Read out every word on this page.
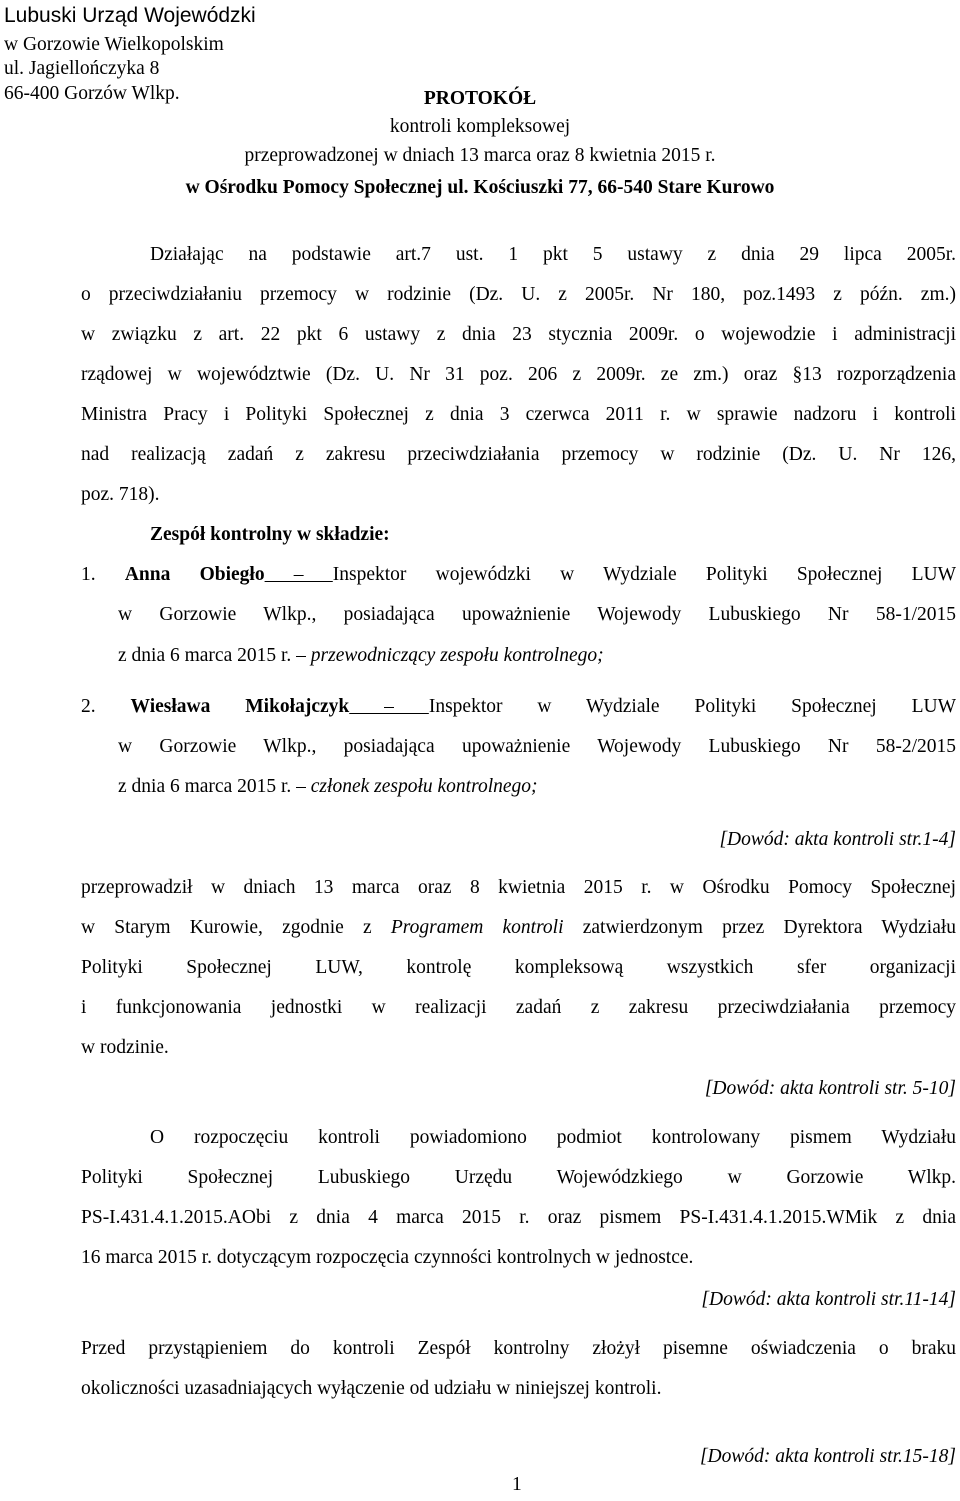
Lubuski Urząd Wojewódzki
w Gorzowie Wielkopolskim
ul. Jagiellończyka 8
66-400 Gorzów Wlkp.	PROTOKÓŁ
kontroli kompleksowej
przeprowadzonej w dniach 13 marca oraz 8 kwietnia 2015 r.
w Ośrodku Pomocy Społecznej ul. Kościuszki 77, 66-540 Stare Kurowo
Działając na podstawie art.7 ust. 1 pkt 5 ustawy z dnia 29 lipca 2005r.
o przeciwdziałaniu przemocy w rodzinie (Dz. U. z 2005r. Nr 180, poz.1493 z późn. zm.)
w związku z art. 22 pkt 6 ustawy z dnia 23 stycznia 2009r. o wojewodzie i administracji
rządowej w województwie (Dz. U. Nr 31 poz. 206 z 2009r. ze zm.) oraz §13 rozporządzenia
Ministra Pracy i Polityki Społecznej z dnia 3 czerwca 2011 r. w sprawie nadzoru i kontroli
nad realizacją zadań z zakresu przeciwdziałania przemocy w rodzinie (Dz. U. Nr 126,
poz. 718).
Zespół kontrolny w składzie:
1. Anna Obiegło – Inspektor wojewódzki w Wydziale Polityki Społecznej LUW
w Gorzowie Wlkp., posiadająca upoważnienie Wojewody Lubuskiego Nr 58-1/2015
z dnia 6 marca 2015 r. – przewodniczący zespołu kontrolnego;
2. Wiesława Mikołajczyk – Inspektor w Wydziale Polityki Społecznej LUW
w Gorzowie Wlkp., posiadająca upoważnienie Wojewody Lubuskiego Nr 58-2/2015
z dnia 6 marca 2015 r. – członek zespołu kontrolnego;
[Dowód: akta kontroli str.1-4]
przeprowadził w dniach 13 marca oraz 8 kwietnia 2015 r. w Ośrodku Pomocy Społecznej
w Starym Kurowie, zgodnie z Programem kontroli zatwierdzonym przez Dyrektora Wydziału
Polityki Społecznej LUW, kontrolę kompleksową wszystkich sfer organizacji
i funkcjonowania jednostki w realizacji zadań z zakresu przeciwdziałania przemocy
w rodzinie.
[Dowód: akta kontroli str. 5-10]
O rozpoczęciu kontroli powiadomiono podmiot kontrolowany pismem Wydziału
Polityki Społecznej Lubuskiego Urzędu Wojewódzkiego w Gorzowie Wlkp.
PS-I.431.4.1.2015.AObi z dnia 4 marca 2015 r. oraz pismem PS-I.431.4.1.2015.WMik z dnia
16 marca 2015 r. dotyczącym rozpoczęcia czynności kontrolnych w jednostce.
[Dowód: akta kontroli str.11-14]
Przed przystąpieniem do kontroli Zespół kontrolny złożył pisemne oświadczenia o braku
okoliczności uzasadniających wyłączenie od udziału w niniejszej kontroli.
[Dowód: akta kontroli str.15-18]
1
